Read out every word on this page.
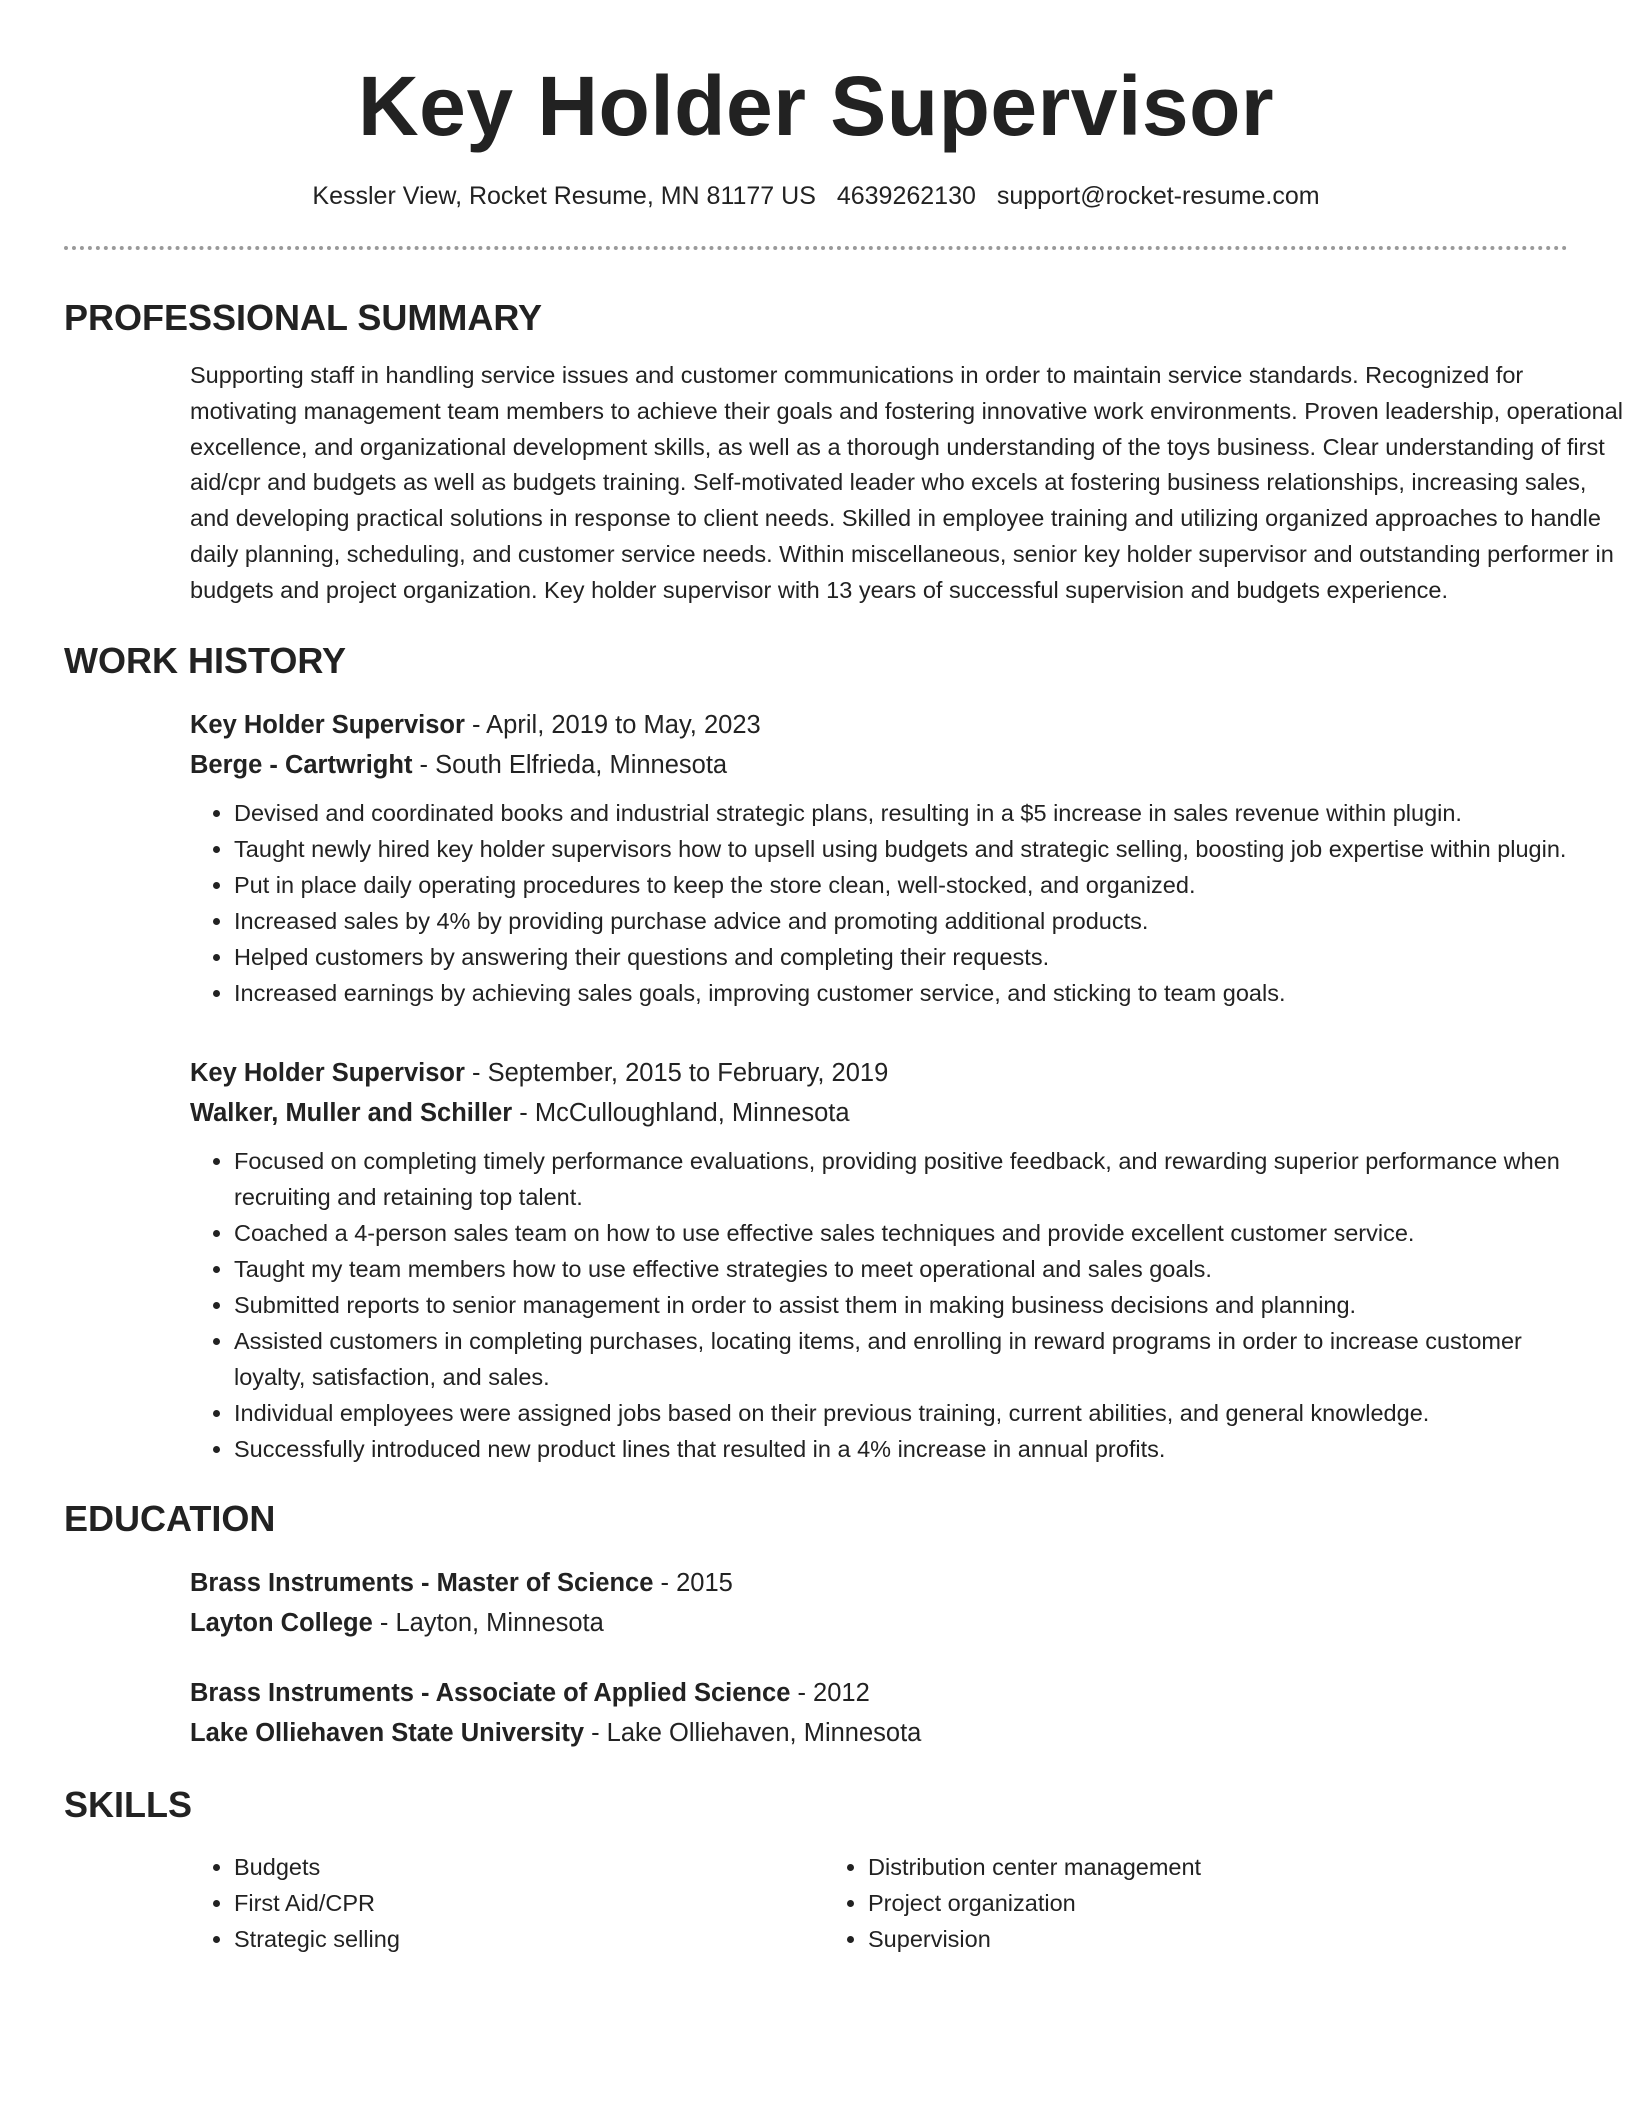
Key Holder Supervisor
Kessler View, Rocket Resume, MN 81177 US 4639262130 support@rocket-resume.com
PROFESSIONAL SUMMARY

Supporting staff in handling service issues and customer communications in order to maintain service standards. Recognized for motivating management team members to achieve their goals and fostering innovative work environments. Proven leadership, operational excellence, and organizational development skills, as well as a thorough understanding of the toys business. Clear understanding of first aid/cpr and budgets as well as budgets training. Self-motivated leader who excels at fostering business relationships, increasing sales, and developing practical solutions in response to client needs. Skilled in employee training and utilizing organized approaches to handle daily planning, scheduling, and customer service needs. Within miscellaneous, senior key holder supervisor and outstanding performer in budgets and project organization. Key holder supervisor with 13 years of successful supervision and budgets experience.

WORK HISTORY
Key Holder Supervisor - April, 2019 to May, 2023
Berge - Cartwright - South Elfrieda, Minnesota
• Devised and coordinated books and industrial strategic plans, resulting in a $5 increase in sales revenue within plugin.
• Taught newly hired key holder supervisors how to upsell using budgets and strategic selling, boosting job expertise within plugin.
• Put in place daily operating procedures to keep the store clean, well-stocked, and organized.
• Increased sales by 4% by providing purchase advice and promoting additional products.
• Helped customers by answering their questions and completing their requests.
• Increased earnings by achieving sales goals, improving customer service, and sticking to team goals.
Key Holder Supervisor - September, 2015 to February, 2019
Walker, Muller and Schiller - McCulloughland, Minnesota
• Focused on completing timely performance evaluations, providing positive feedback, and rewarding superior performance when recruiting and retaining top talent.
• Coached a 4-person sales team on how to use effective sales techniques and provide excellent customer service.
• Taught my team members how to use effective strategies to meet operational and sales goals.
• Submitted reports to senior management in order to assist them in making business decisions and planning.
• Assisted customers in completing purchases, locating items, and enrolling in reward programs in order to increase customer loyalty, satisfaction, and sales.
• Individual employees were assigned jobs based on their previous training, current abilities, and general knowledge.
• Successfully introduced new product lines that resulted in a 4% increase in annual profits.
EDUCATION
Brass Instruments - Master of Science - 2015
Layton College - Layton, Minnesota
Brass Instruments - Associate of Applied Science - 2012
Lake Olliehaven State University - Lake Olliehaven, Minnesota
SKILLS
• Budgets
• First Aid/CPR
• Strategic selling
• Distribution center management
• Project organization
• Supervision
